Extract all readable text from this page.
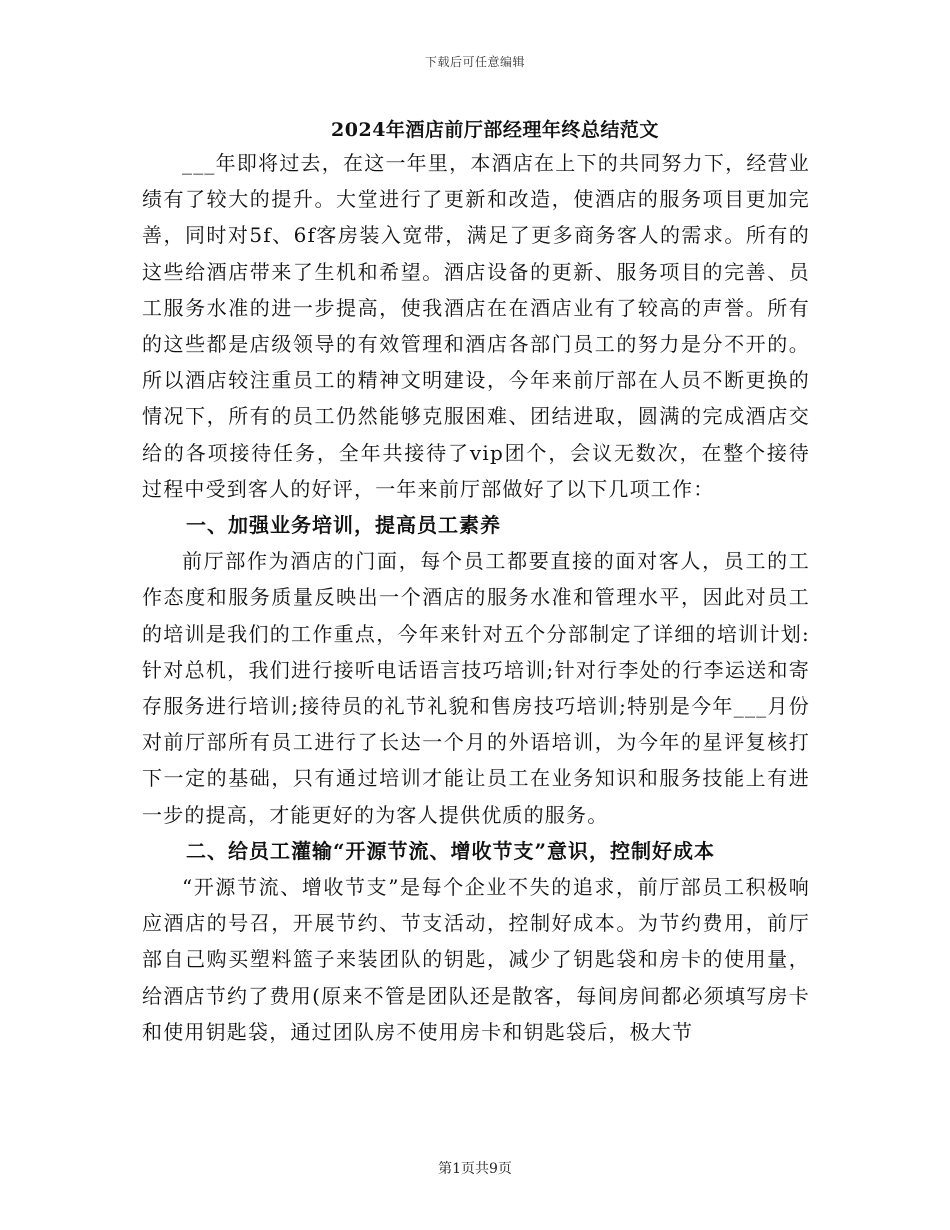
下载后可任意编辑
2024年酒店前厅部经理年终总结范文

___年即将过去，在这一年里，本酒店在上下的共同努力下，经营业绩有了较大的提升。大堂进行了更新和改造，使酒店的服务项目更加完善，同时对5f、6f客房装入宽带，满足了更多商务客人的需求。所有的这些给酒店带来了生机和希望。酒店设备的更新、服务项目的完善、员工服务水准的进一步提高，使我酒店在在酒店业有了较高的声誉。所有的这些都是店级领导的有效管理和酒店各部门员工的努力是分不开的。所以酒店较注重员工的精神文明建设，今年来前厅部在人员不断更换的情况下，所有的员工仍然能够克服困难、团结进取，圆满的完成酒店交给的各项接待任务，全年共接待了vip团个，会议无数次，在整个接待过程中受到客人的好评，一年来前厅部做好了以下几项工作：

一、加强业务培训，提高员工素养

前厅部作为酒店的门面，每个员工都要直接的面对客人，员工的工作态度和服务质量反映出一个酒店的服务水准和管理水平，因此对员工的培训是我们的工作重点，今年来针对五个分部制定了详细的培训计划:针对总机，我们进行接听电话语言技巧培训;针对行李处的行李运送和寄存服务进行培训;接待员的礼节礼貌和售房技巧培训;特别是今年___月份对前厅部所有员工进行了长达一个月的外语培训，为今年的星评复核打下一定的基础，只有通过培训才能让员工在业务知识和服务技能上有进一步的提高，才能更好的为客人提供优质的服务。

二、给员工灌输“开源节流、增收节支”意识，控制好成本

“开源节流、增收节支”是每个企业不失的追求，前厅部员工积极响应酒店的号召，开展节约、节支活动，控制好成本。为节约费用，前厅部自己购买塑料篮子来装团队的钥匙，减少了钥匙袋和房卡的使用量，给酒店节约了费用(原来不管是团队还是散客，每间房间都必须填写房卡和使用钥匙袋，通过团队房不使用房卡和钥匙袋后，极大节

第1页共9页
